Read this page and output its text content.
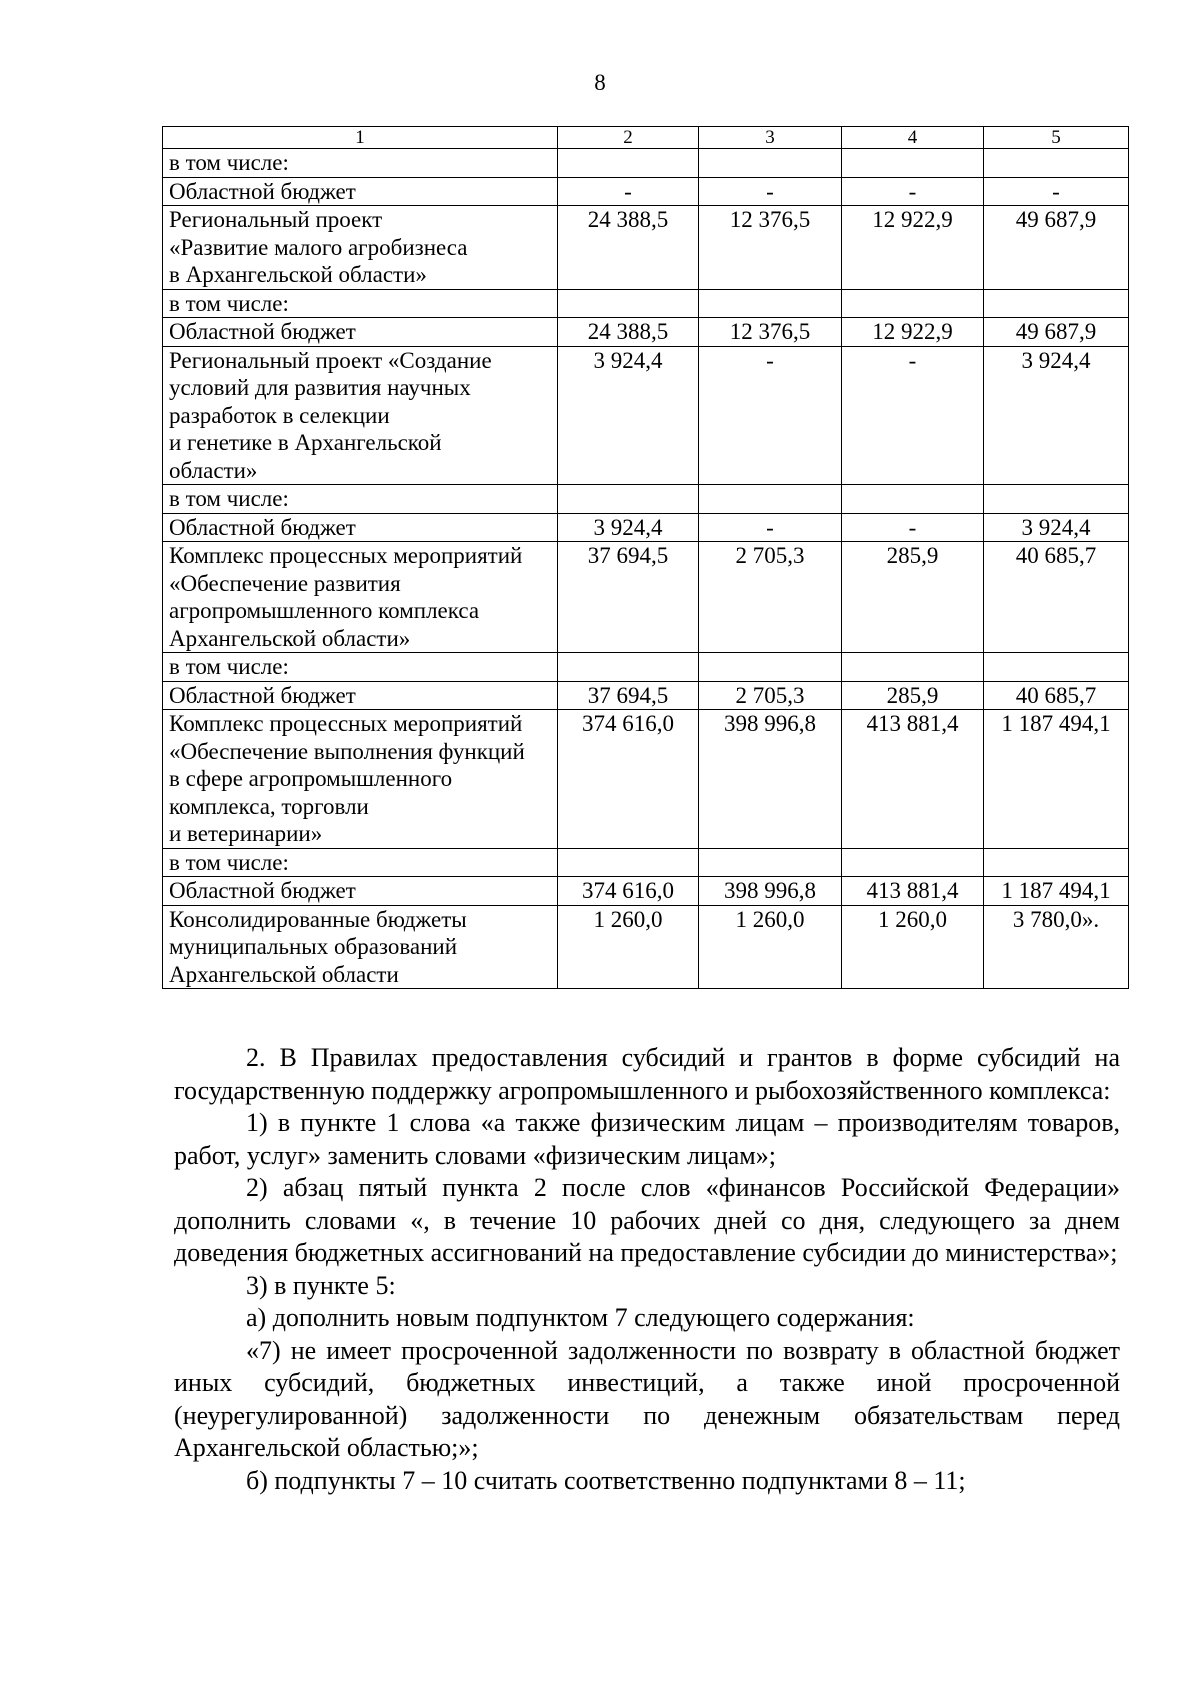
8
1	2	3	4	5

в том числе:				

Областной бюджет	-	-	-	-

Региональный проект
«Развитие малого агробизнеса
в Архангельской области»	24 388,5	12 376,5	12 922,9	49 687,9

в том числе:				

Областной бюджет	24 388,5	12 376,5	12 922,9	49 687,9

Региональный проект «Создание
условий для развития научных
разработок в селекции
и генетике в Архангельской
области»	3 924,4	-	-	3 924,4

в том числе:				

Областной бюджет	3 924,4	-	-	3 924,4

Комплекс процессных мероприятий
«Обеспечение развития
агропромышленного комплекса
Архангельской области»	37 694,5	2 705,3	285,9	40 685,7

в том числе:				

Областной бюджет	37 694,5	2 705,3	285,9	40 685,7

Комплекс процессных мероприятий
«Обеспечение выполнения функций
в сфере агропромышленного
комплекса, торговли
и ветеринарии»	374 616,0	398 996,8	413 881,4	1 187 494,1

в том числе:				

Областной бюджет	374 616,0	398 996,8	413 881,4	1 187 494,1

Консолидированные бюджеты
муниципальных образований
Архангельской области	1 260,0	1 260,0	1 260,0	3 780,0».

2. В Правилах предоставления субсидий и грантов в форме субсидий на государственную поддержку агропромышленного и рыбохозяйственного комплекса:

1) в пункте 1 слова «а также физическим лицам – производителям товаров, работ, услуг» заменить словами «физическим лицам»;

2) абзац пятый пункта 2 после слов «финансов Российской Федерации» дополнить словами «, в течение 10 рабочих дней со дня, следующего за днем доведения бюджетных ассигнований на предоставление субсидии до министерства»;

3) в пункте 5:

а) дополнить новым подпунктом 7 следующего содержания:

«7) не имеет просроченной задолженности по возврату в областной бюджет иных субсидий, бюджетных инвестиций, а также иной просроченной (неурегулированной) задолженности по денежным обязательствам перед Архангельской областью;»;

б) подпункты 7 – 10 считать соответственно подпунктами 8 – 11;
